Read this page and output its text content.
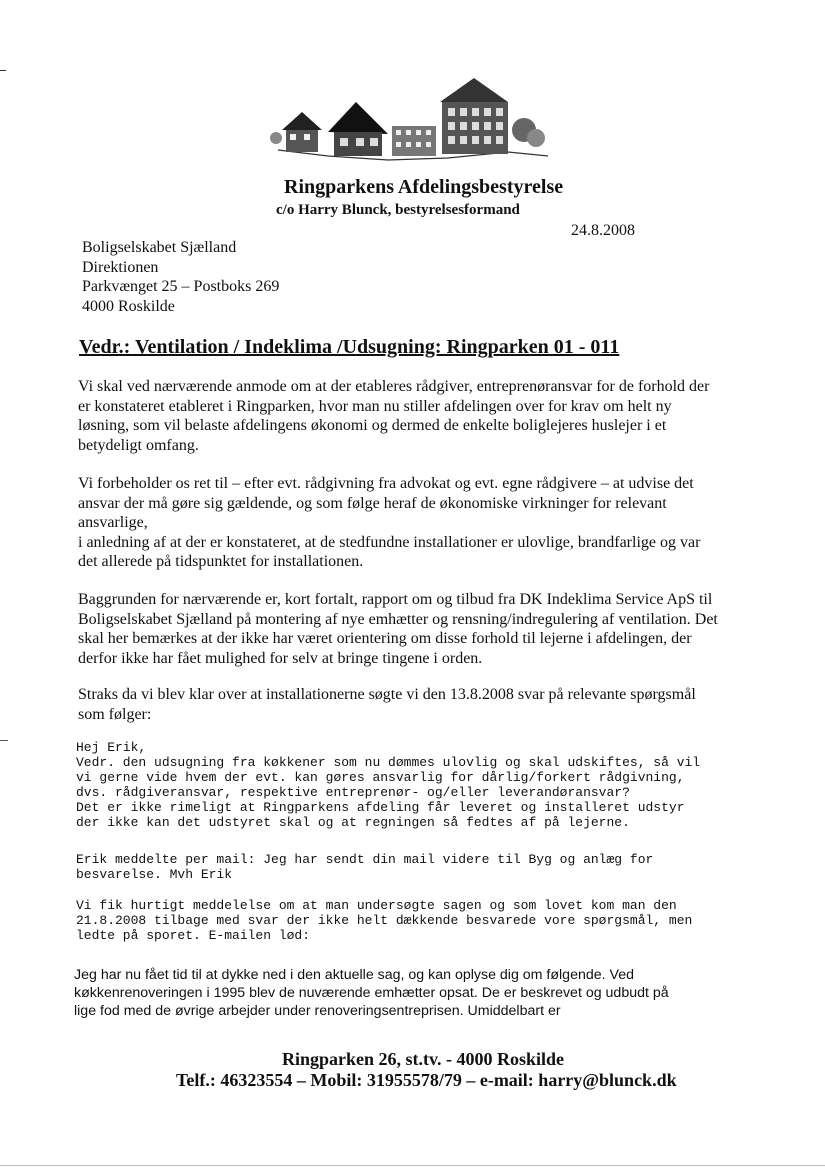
Ringparkens Afdelingsbestyrelse
c/o Harry Blunck, bestyrelsesformand
24.8.2008
Boligselskabet Sjælland
Direktionen
Parkvænget 25 – Postboks 269
4000 Roskilde
Vedr.: Ventilation / Indeklima /Udsugning: Ringparken 01 - 011
Vi skal ved nærværende anmode om at der etableres rådgiver, entreprenøransvar for de forhold der
er konstateret etableret i Ringparken, hvor man nu stiller afdelingen over for krav om helt ny
løsning, som vil belaste afdelingens økonomi og dermed de enkelte boliglejeres huslejer i et
betydeligt omfang.
Vi forbeholder os ret til – efter evt. rådgivning fra advokat og evt. egne rådgivere – at udvise det
ansvar der må gøre sig gældende, og som følge heraf de økonomiske virkninger for relevant
ansvarlige,
i anledning af at der er konstateret, at de stedfundne installationer er ulovlige, brandfarlige og var
det allerede på tidspunktet for installationen.
Baggrunden for nærværende er, kort fortalt, rapport om og tilbud fra DK Indeklima Service ApS til
Boligselskabet Sjælland på montering af nye emhætter og rensning/indregulering af ventilation. Det
skal her bemærkes at der ikke har været orientering om disse forhold til lejerne i afdelingen, der
derfor ikke har fået mulighed for selv at bringe tingene i orden.
Straks da vi blev klar over at installationerne søgte vi den 13.8.2008 svar på relevante spørgsmål
som følger:
Hej Erik,
Vedr. den udsugning fra køkkener som nu dømmes ulovlig og skal udskiftes, så vil
vi gerne vide hvem der evt. kan gøres ansvarlig for dårlig/forkert rådgivning,
dvs. rådgiveransvar, respektive entreprenør- og/eller leverandøransvar?
Det er ikke rimeligt at Ringparkens afdeling får leveret og installeret udstyr
der ikke kan det udstyret skal og at regningen så fedtes af på lejerne.
Erik meddelte per mail: Jeg har sendt din mail videre til Byg og anlæg for
besvarelse. Mvh Erik
Vi fik hurtigt meddelelse om at man undersøgte sagen og som lovet kom man den
21.8.2008 tilbage med svar der ikke helt dækkende besvarede vore spørgsmål, men
ledte på sporet. E-mailen lød:
Jeg har nu fået tid til at dykke ned i den aktuelle sag, og kan oplyse dig om følgende. Ved
køkkenrenoveringen i 1995 blev de nuværende emhætter opsat. De er beskrevet og udbudt på
lige fod med de øvrige arbejder under renoveringsentreprisen. Umiddelbart er
Ringparken 26, st.tv. - 4000 Roskilde
Telf.: 46323554 – Mobil: 31955578/79 – e-mail: harry@blunck.dk
